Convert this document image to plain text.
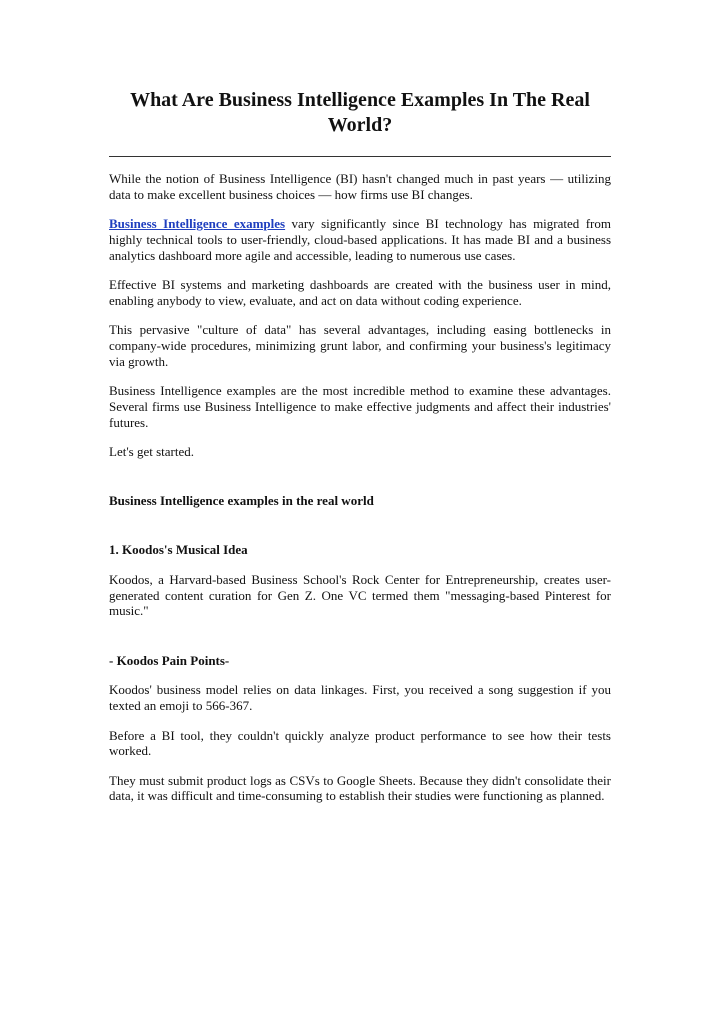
What Are Business Intelligence Examples In The Real World?

While the notion of Business Intelligence (BI) hasn't changed much in past years — utilizing data to make excellent business choices — how firms use BI changes.

Business Intelligence examples vary significantly since BI technology has migrated from highly technical tools to user-friendly, cloud-based applications. It has made BI and a business analytics dashboard more agile and accessible, leading to numerous use cases.

Effective BI systems and marketing dashboards are created with the business user in mind, enabling anybody to view, evaluate, and act on data without coding experience.

This pervasive "culture of data" has several advantages, including easing bottlenecks in company-wide procedures, minimizing grunt labor, and confirming your business's legitimacy via growth.

Business Intelligence examples are the most incredible method to examine these advantages. Several firms use Business Intelligence to make effective judgments and affect their industries' futures.

Let's get started.

Business Intelligence examples in the real world

1. Koodos's Musical Idea

Koodos, a Harvard-based Business School's Rock Center for Entrepreneurship, creates user-generated content curation for Gen Z. One VC termed them "messaging-based Pinterest for music."

- Koodos Pain Points-

Koodos' business model relies on data linkages. First, you received a song suggestion if you texted an emoji to 566-367.

Before a BI tool, they couldn't quickly analyze product performance to see how their tests worked.

They must submit product logs as CSVs to Google Sheets. Because they didn't consolidate their data, it was difficult and time-consuming to establish their studies were functioning as planned.
